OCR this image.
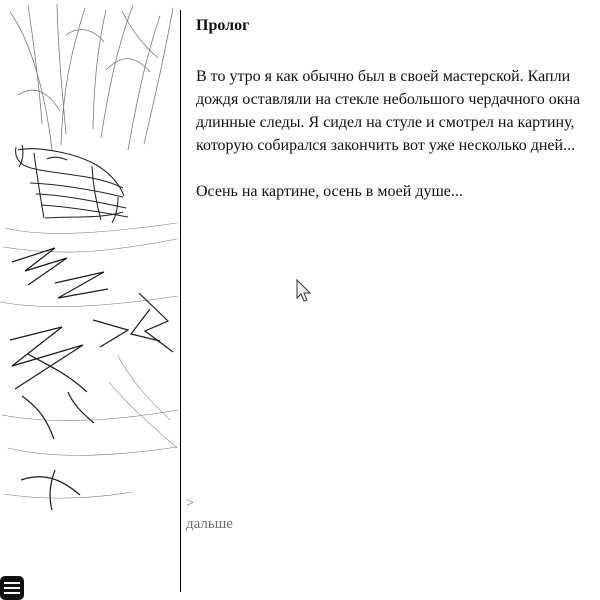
Пролог

В то утро я как обычно был в своей мастерской. Капли дождя оставляли на стекле небольшого чердачного окна длинные следы. Я сидел на стуле и смотрел на картину, которую собирался закончить вот уже несколько дней...

Осень на картине, осень в моей душе...

>
дальше
